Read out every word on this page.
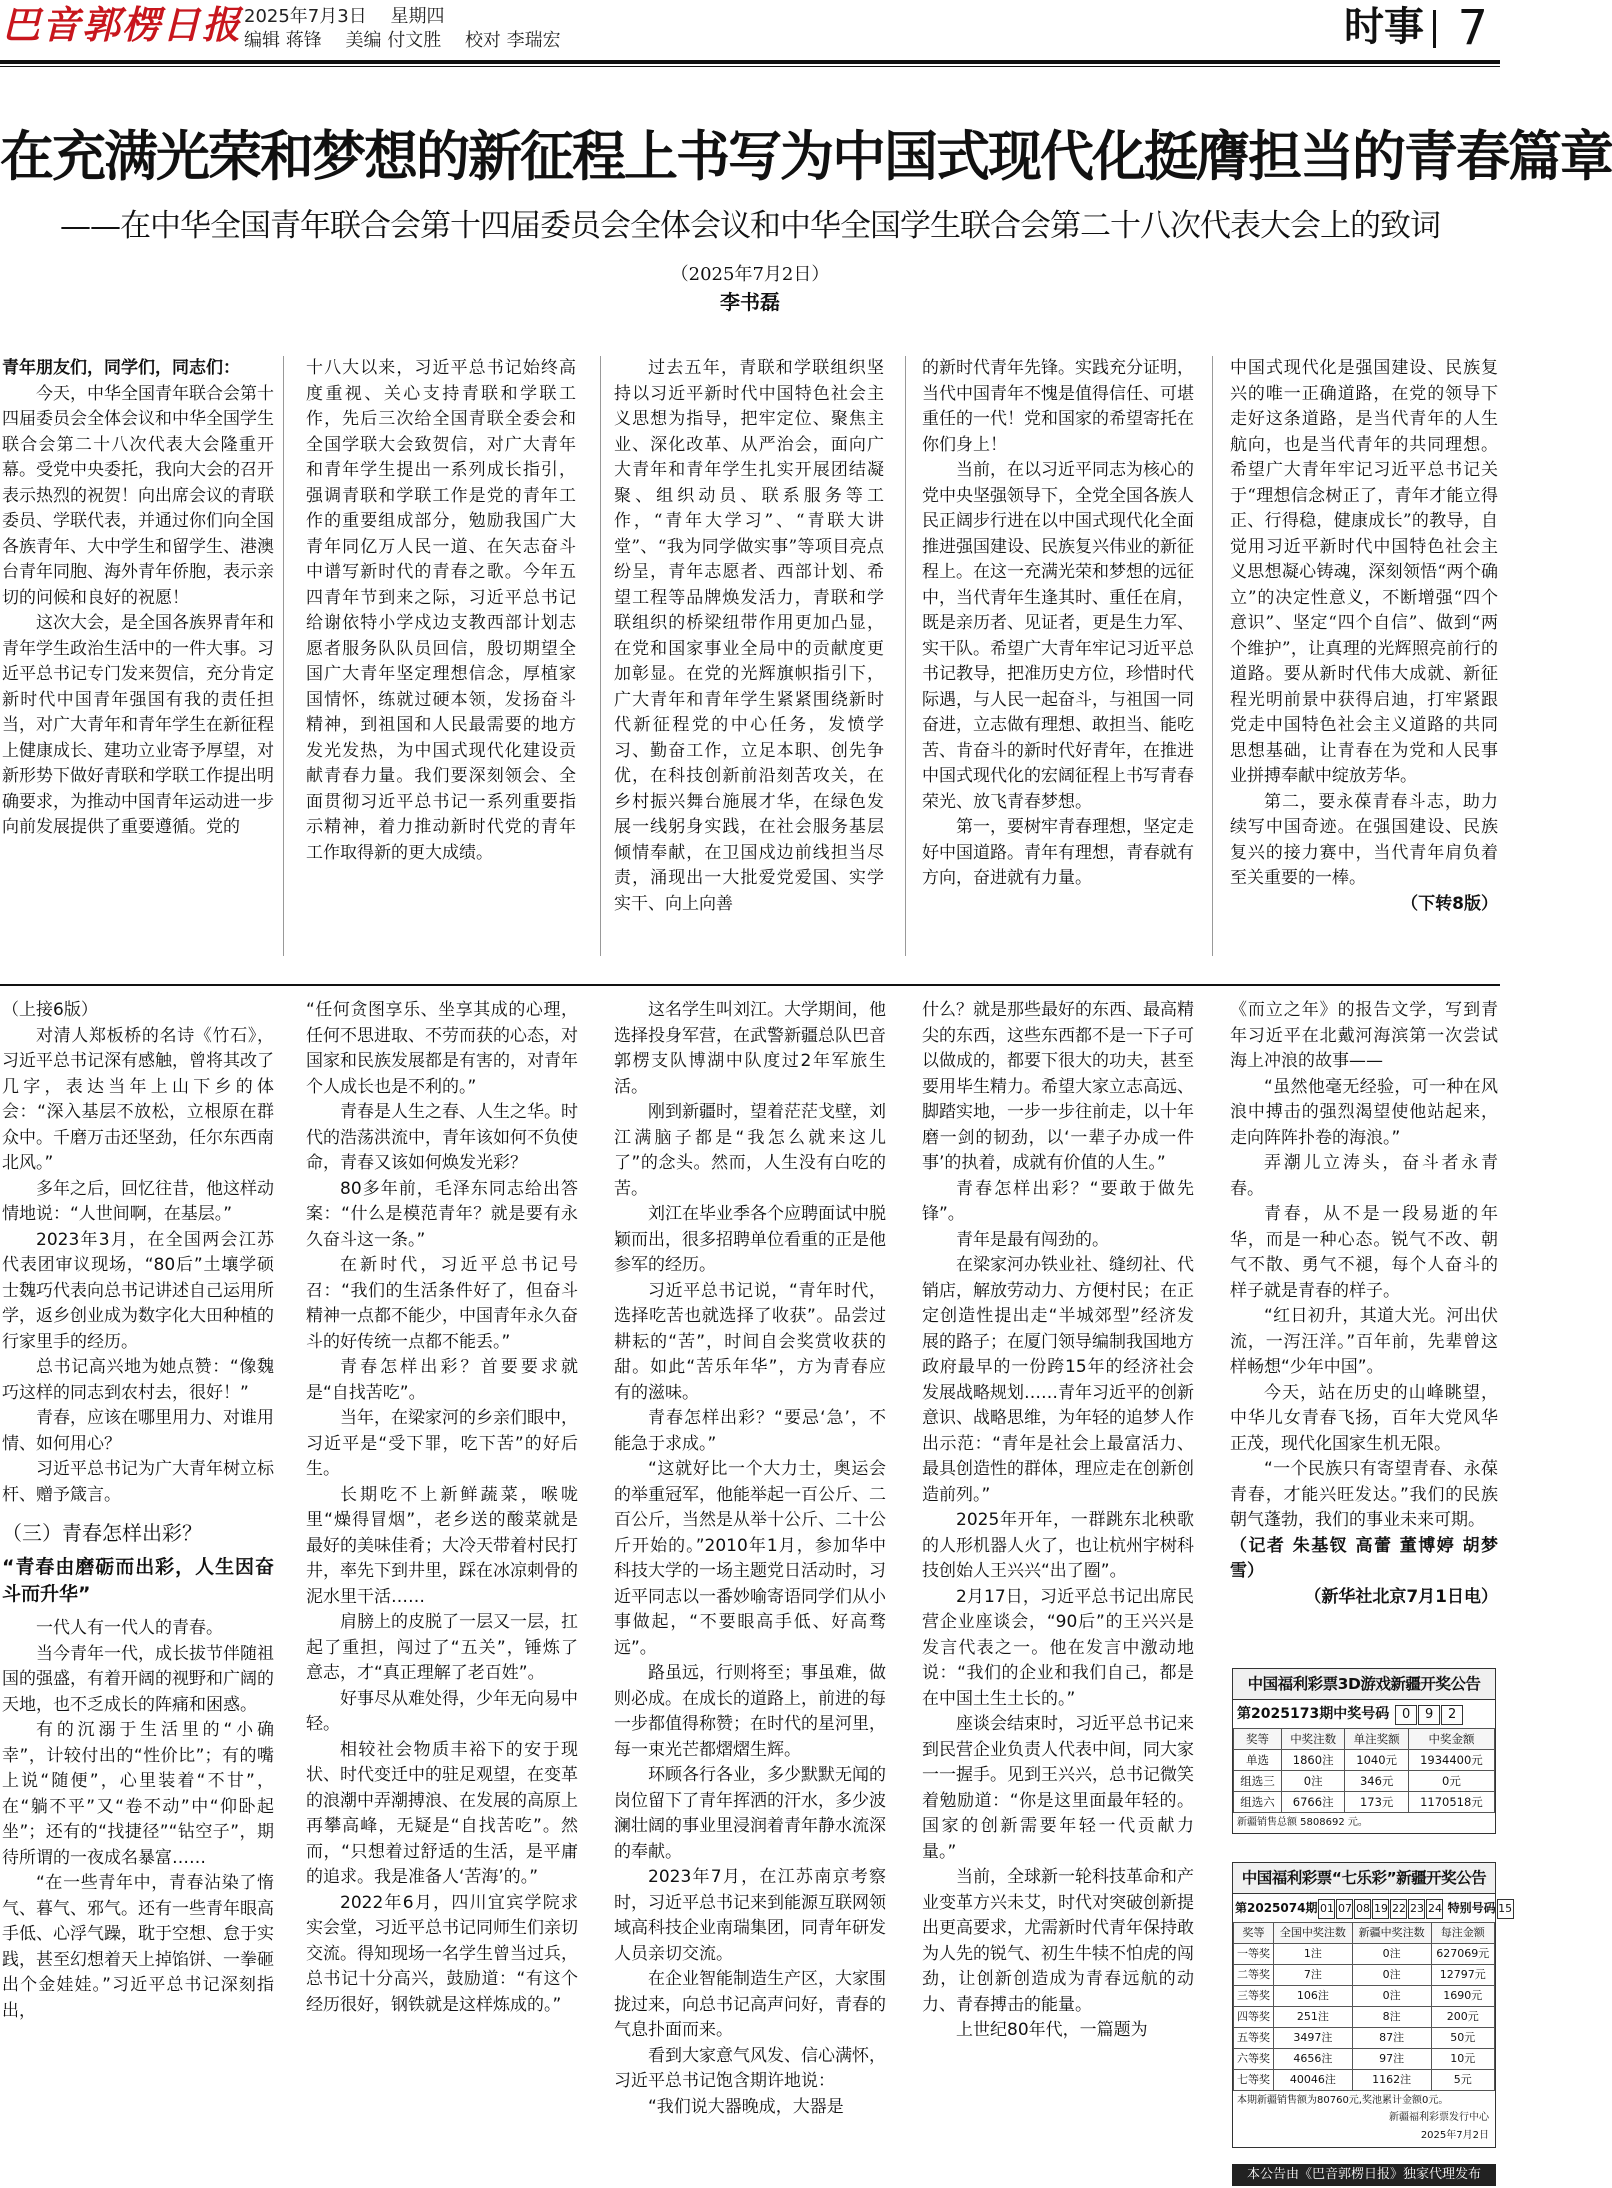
巴音郭楞日报 2025年7月3日 星期四
编辑 蒋锋 美编 付文胜 校对 李瑞宏	时事 7
在充满光荣和梦想的新征程上书写为中国式现代化挺膺担当的青春篇章
——在中华全国青年联合会第十四届委员会全体会议和中华全国学生联合会第二十八次代表大会上的致词
（2025年7月2日）
李书磊

青年朋友们，同学们，同志们：

今天，中华全国青年联合会第十四届委员会全体会议和中华全国学生联合会第二十八次代表大会隆重开幕。受党中央委托，我向大会的召开表示热烈的祝贺！向出席会议的青联委员、学联代表，并通过你们向全国各族青年、大中学生和留学生、港澳台青年同胞、海外青年侨胞，表示亲切的问候和良好的祝愿！

这次大会，是全国各族界青年和青年学生政治生活中的一件大事。习近平总书记专门发来贺信，充分肯定新时代中国青年强国有我的责任担当，对广大青年和青年学生在新征程上健康成长、建功立业寄予厚望，对新形势下做好青联和学联工作提出明确要求，为推动中国青年运动进一步向前发展提供了重要遵循。党的

十八大以来，习近平总书记始终高度重视、关心支持青联和学联工作，先后三次给全国青联全委会和全国学联大会致贺信，对广大青年和青年学生提出一系列成长指引，强调青联和学联工作是党的青年工作的重要组成部分，勉励我国广大青年同亿万人民一道、在矢志奋斗中谱写新时代的青春之歌。今年五四青年节到来之际，习近平总书记给谢依特小学戍边支教西部计划志愿者服务队队员回信，殷切期望全国广大青年坚定理想信念，厚植家国情怀，练就过硬本领，发扬奋斗精神，到祖国和人民最需要的地方发光发热，为中国式现代化建设贡献青春力量。我们要深刻领会、全面贯彻习近平总书记一系列重要指示精神，着力推动新时代党的青年工作取得新的更大成绩。

过去五年，青联和学联组织坚持以习近平新时代中国特色社会主义思想为指导，把牢定位、聚焦主业、深化改革、从严治会，面向广大青年和青年学生扎实开展团结凝聚、组织动员、联系服务等工作，“青年大学习”、“青联大讲堂”、“我为同学做实事”等项目亮点纷呈，青年志愿者、西部计划、希望工程等品牌焕发活力，青联和学联组织的桥梁纽带作用更加凸显，在党和国家事业全局中的贡献度更加彰显。在党的光辉旗帜指引下，广大青年和青年学生紧紧围绕新时代新征程党的中心任务，发愤学习、勤奋工作，立足本职、创先争优，在科技创新前沿刻苦攻关，在乡村振兴舞台施展才华，在绿色发展一线躬身实践，在社会服务基层倾情奉献，在卫国戍边前线担当尽责，涌现出一大批爱党爱国、实学实干、向上向善

的新时代青年先锋。实践充分证明，当代中国青年不愧是值得信任、可堪重任的一代！党和国家的希望寄托在你们身上！

当前，在以习近平同志为核心的党中央坚强领导下，全党全国各族人民正阔步行进在以中国式现代化全面推进强国建设、民族复兴伟业的新征程上。在这一充满光荣和梦想的远征中，当代青年生逢其时、重任在肩，既是亲历者、见证者，更是生力军、实干队。希望广大青年牢记习近平总书记教导，把准历史方位，珍惜时代际遇，与人民一起奋斗，与祖国一同奋进，立志做有理想、敢担当、能吃苦、肯奋斗的新时代好青年，在推进中国式现代化的宏阔征程上书写青春荣光、放飞青春梦想。

第一，要树牢青春理想，坚定走好中国道路。青年有理想，青春就有方向，奋进就有力量。

中国式现代化是强国建设、民族复兴的唯一正确道路，在党的领导下走好这条道路，是当代青年的人生航向，也是当代青年的共同理想。希望广大青年牢记习近平总书记关于“理想信念树正了，青年才能立得正、行得稳，健康成长”的教导，自觉用习近平新时代中国特色社会主义思想凝心铸魂，深刻领悟“两个确立”的决定性意义，不断增强“四个意识”、坚定“四个自信”、做到“两个维护”，让真理的光辉照亮前行的道路。要从新时代伟大成就、新征程光明前景中获得启迪，打牢紧跟党走中国特色社会主义道路的共同思想基础，让青春在为党和人民事业拼搏奉献中绽放芳华。

第二，要永葆青春斗志，助力续写中国奇迹。在强国建设、民族复兴的接力赛中，当代青年肩负着至关重要的一棒。

（下转8版）

（上接6版）

对清人郑板桥的名诗《竹石》，习近平总书记深有感触，曾将其改了几字，表达当年上山下乡的体会：“深入基层不放松，立根原在群众中。千磨万击还坚劲，任尔东西南北风。”

多年之后，回忆往昔，他这样动情地说：“人世间啊，在基层。”

2023年3月，在全国两会江苏代表团审议现场，“80后”土壤学硕士魏巧代表向总书记讲述自己运用所学，返乡创业成为数字化大田种植的行家里手的经历。

总书记高兴地为她点赞：“像魏巧这样的同志到农村去，很好！”

青春，应该在哪里用力、对谁用情、如何用心？

习近平总书记为广大青年树立标杆、赠予箴言。

（三）青春怎样出彩？

“青春由磨砺而出彩，人生因奋斗而升华”

一代人有一代人的青春。

当今青年一代，成长拔节伴随祖国的强盛，有着开阔的视野和广阔的天地，也不乏成长的阵痛和困惑。

有的沉溺于生活里的“小确幸”，计较付出的“性价比”；有的嘴上说“随便”，心里装着“不甘”，在“躺不平”又“卷不动”中“仰卧起坐”；还有的“找捷径”“钻空子”，期待所谓的一夜成名暴富……

“在一些青年中，青春沾染了惰气、暮气、邪气。还有一些青年眼高手低、心浮气躁，耽于空想、怠于实践，甚至幻想着天上掉馅饼、一拳砸出个金娃娃。”习近平总书记深刻指出，

“任何贪图享乐、坐享其成的心理，任何不思进取、不劳而获的心态，对国家和民族发展都是有害的，对青年个人成长也是不利的。”

青春是人生之春、人生之华。时代的浩荡洪流中，青年该如何不负使命，青春又该如何焕发光彩？

80多年前，毛泽东同志给出答案：“什么是模范青年？就是要有永久奋斗这一条。”

在新时代，习近平总书记号召：“我们的生活条件好了，但奋斗精神一点都不能少，中国青年永久奋斗的好传统一点都不能丢。”

青春怎样出彩？首要要求就是“自找苦吃”。

当年，在梁家河的乡亲们眼中，习近平是“受下罪，吃下苦”的好后生。

长期吃不上新鲜蔬菜，喉咙里“燥得冒烟”，老乡送的酸菜就是最好的美味佳肴；大冷天带着村民打井，率先下到井里，踩在冰凉刺骨的泥水里干活……

肩膀上的皮脱了一层又一层，扛起了重担，闯过了“五关”，锤炼了意志，才“真正理解了老百姓”。

好事尽从难处得，少年无向易中轻。

相较社会物质丰裕下的安于现状、时代变迁中的驻足观望，在变革的浪潮中弄潮搏浪、在发展的高原上再攀高峰，无疑是“自找苦吃”。然而，“只想着过舒适的生活，是平庸的追求。我是准备人‘苦海’的。”

2022年6月，四川宜宾学院求实会堂，习近平总书记同师生们亲切交流。得知现场一名学生曾当过兵，总书记十分高兴，鼓励道：“有这个经历很好，钢铁就是这样炼成的。”

这名学生叫刘江。大学期间，他选择投身军营，在武警新疆总队巴音郭楞支队博湖中队度过2年军旅生活。

刚到新疆时，望着茫茫戈壁，刘江满脑子都是“我怎么就来这儿了”的念头。然而，人生没有白吃的苦。

刘江在毕业季各个应聘面试中脱颖而出，很多招聘单位看重的正是他参军的经历。

习近平总书记说，“青年时代，选择吃苦也就选择了收获”。品尝过耕耘的“苦”，时间自会奖赏收获的甜。如此“苦乐年华”，方为青春应有的滋味。

青春怎样出彩？“要忌‘急’，不能急于求成。”

“这就好比一个大力士，奥运会的举重冠军，他能举起一百公斤、二百公斤，当然是从举十公斤、二十公斤开始的。”2010年1月，参加华中科技大学的一场主题党日活动时，习近平同志以一番妙喻寄语同学们从小事做起，“不要眼高手低、好高骛远”。

路虽远，行则将至；事虽难，做则必成。在成长的道路上，前进的每一步都值得称赞；在时代的星河里，每一束光芒都熠熠生辉。

环顾各行各业，多少默默无闻的岗位留下了青年挥洒的汗水，多少波澜壮阔的事业里浸润着青年静水流深的奉献。

2023年7月，在江苏南京考察时，习近平总书记来到能源互联网领域高科技企业南瑞集团，同青年研发人员亲切交流。

在企业智能制造生产区，大家围拢过来，向总书记高声问好，青春的气息扑面而来。

看到大家意气风发、信心满怀，习近平总书记饱含期许地说：

“我们说大器晚成，大器是

什么？就是那些最好的东西、最高精尖的东西，这些东西都不是一下子可以做成的，都要下很大的功夫，甚至要用毕生精力。希望大家立志高远、脚踏实地，一步一步往前走，以十年磨一剑的韧劲，以‘一辈子办成一件事’的执着，成就有价值的人生。”

青春怎样出彩？“要敢于做先锋”。

青年是最有闯劲的。

在梁家河办铁业社、缝纫社、代销店，解放劳动力、方便村民；在正定创造性提出走“半城郊型”经济发展的路子；在厦门领导编制我国地方政府最早的一份跨15年的经济社会发展战略规划……青年习近平的创新意识、战略思维，为年轻的追梦人作出示范：“青年是社会上最富活力、最具创造性的群体，理应走在创新创造前列。”

2025年开年，一群跳东北秧歌的人形机器人火了，也让杭州宇树科技创始人王兴兴“出了圈”。

2月17日，习近平总书记出席民营企业座谈会，“90后”的王兴兴是发言代表之一。他在发言中激动地说：“我们的企业和我们自己，都是在中国土生土长的。”

座谈会结束时，习近平总书记来到民营企业负责人代表中间，同大家一一握手。见到王兴兴，总书记微笑着勉励道：“你是这里面最年轻的。国家的创新需要年轻一代贡献力量。”

当前，全球新一轮科技革命和产业变革方兴未艾，时代对突破创新提出更高要求，尤需新时代青年保持敢为人先的锐气、初生牛犊不怕虎的闯劲，让创新创造成为青春远航的动力、青春搏击的能量。

上世纪80年代，一篇题为

《而立之年》的报告文学，写到青年习近平在北戴河海滨第一次尝试海上冲浪的故事——

“虽然他毫无经验，可一种在风浪中搏击的强烈渴望使他站起来，走向阵阵扑卷的海浪。”

弄潮儿立涛头，奋斗者永青春。

青春，从不是一段易逝的年华，而是一种心态。锐气不改、朝气不散、勇气不褪，每个人奋斗的样子就是青春的样子。

“红日初升，其道大光。河出伏流，一泻汪洋。”百年前，先辈曾这样畅想“少年中国”。

今天，站在历史的山峰眺望，中华儿女青春飞扬，百年大党风华正茂，现代化国家生机无限。

“一个民族只有寄望青春、永葆青春，才能兴旺发达。”我们的民族朝气蓬勃，我们的事业未来可期。

（记者 朱基钗 高蕾 董博婷 胡梦雪）

（新华社北京7月1日电）

中国福利彩票3D游戏新疆开奖公告
第2025173期中奖号码 0 9 2
奖等	中奖注数	单注奖额	中奖金额
单选	1860注	1040元	1934400元
组选三	0注	346元	0元
组选六	6766注	173元	1170518元
新疆销售总额 5808692 元。
中国福利彩票“七乐彩”新疆开奖公告
第2025074期 01 07 08 19 22 23 24 特别号码 15
奖等	全国中奖注数	新疆中奖注数	每注金额
一等奖	1注	0注	627069元
二等奖	7注	0注	12797元
三等奖	106注	0注	1690元
四等奖	251注	8注	200元
五等奖	3497注	87注	50元
六等奖	4656注	97注	10元
七等奖	40046注	1162注	5元
本期新疆销售额为80760元,奖池累计金额0元。
新疆福利彩票发行中心
2025年7月2日
本公告由《巴音郭楞日报》独家代理发布
